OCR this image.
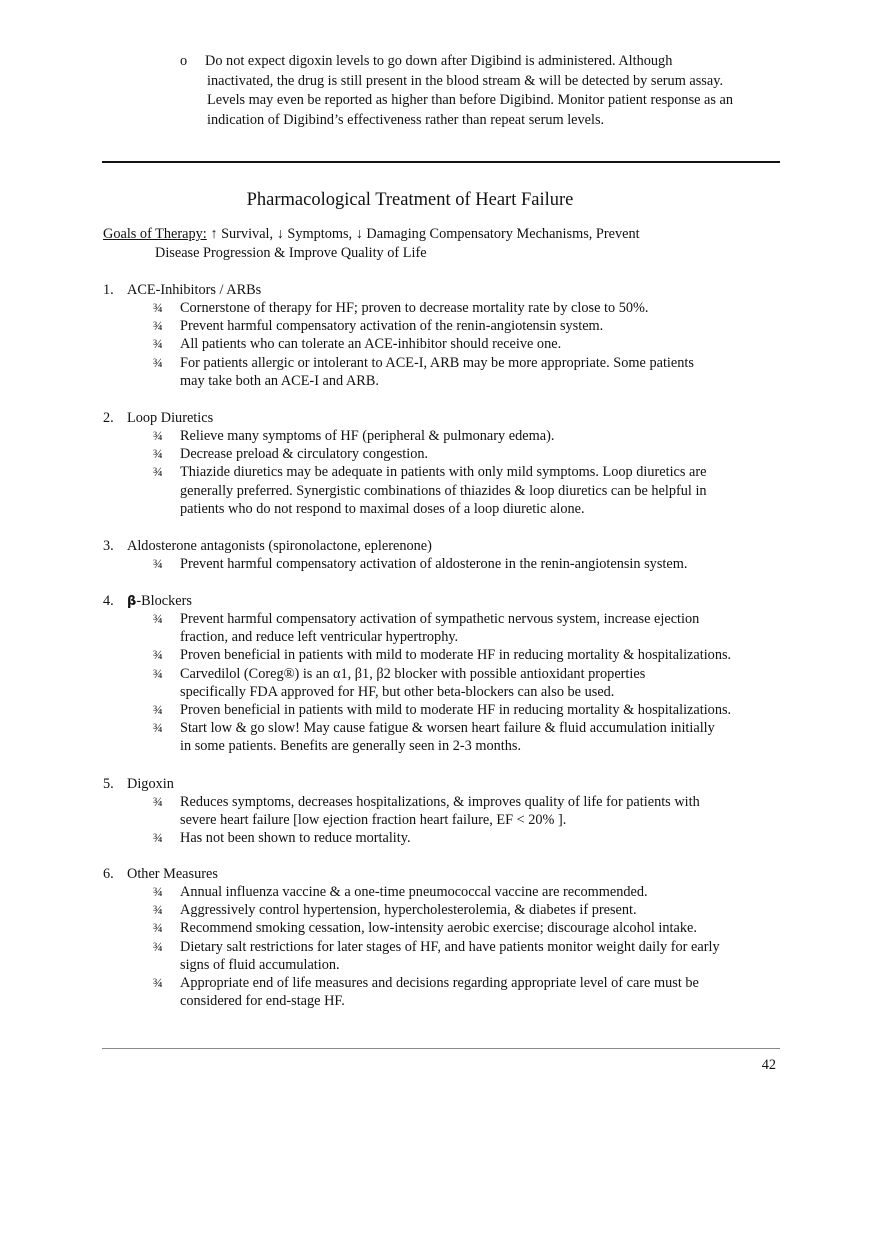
o Do not expect digoxin levels to go down after Digibind is administered. Although inactivated, the drug is still present in the blood stream & will be detected by serum assay. Levels may even be reported as higher than before Digibind. Monitor patient response as an indication of Digibind’s effectiveness rather than repeat serum levels.
Pharmacological Treatment of Heart Failure
Goals of Therapy: ↑ Survival, ↓ Symptoms, ↓ Damaging Compensatory Mechanisms, Prevent
Disease Progression & Improve Quality of Life
1. ACE-Inhibitors / ARBs
¾ Cornerstone of therapy for HF; proven to decrease mortality rate by close to 50%.
¾ Prevent harmful compensatory activation of the renin-angiotensin system.
¾ All patients who can tolerate an ACE-inhibitor should receive one.
¾ For patients allergic or intolerant to ACE-I, ARB may be more appropriate. Some patients may take both an ACE-I and ARB.
2. Loop Diuretics
¾ Relieve many symptoms of HF (peripheral & pulmonary edema).
¾ Decrease preload & circulatory congestion.
¾ Thiazide diuretics may be adequate in patients with only mild symptoms. Loop diuretics are generally preferred. Synergistic combinations of thiazides & loop diuretics can be helpful in patients who do not respond to maximal doses of a loop diuretic alone.
3. Aldosterone antagonists (spironolactone, eplerenone)
¾ Prevent harmful compensatory activation of aldosterone in the renin-angiotensin system.
4. β-Blockers
¾ Prevent harmful compensatory activation of sympathetic nervous system, increase ejection fraction, and reduce left ventricular hypertrophy.
¾ Proven beneficial in patients with mild to moderate HF in reducing mortality & hospitalizations.
¾ Carvedilol (Coreg®) is an α1, β1, β2 blocker with possible antioxidant properties specifically FDA approved for HF, but other beta-blockers can also be used.
¾ Proven beneficial in patients with mild to moderate HF in reducing mortality & hospitalizations.
¾ Start low & go slow! May cause fatigue & worsen heart failure & fluid accumulation initially in some patients. Benefits are generally seen in 2-3 months.
5. Digoxin
¾ Reduces symptoms, decreases hospitalizations, & improves quality of life for patients with severe heart failure [low ejection fraction heart failure, EF < 20% ].
¾ Has not been shown to reduce mortality.
6. Other Measures
¾ Annual influenza vaccine & a one-time pneumococcal vaccine are recommended.
¾ Aggressively control hypertension, hypercholesterolemia, & diabetes if present.
¾ Recommend smoking cessation, low-intensity aerobic exercise; discourage alcohol intake.
¾ Dietary salt restrictions for later stages of HF, and have patients monitor weight daily for early signs of fluid accumulation.
¾ Appropriate end of life measures and decisions regarding appropriate level of care must be considered for end-stage HF.
42
